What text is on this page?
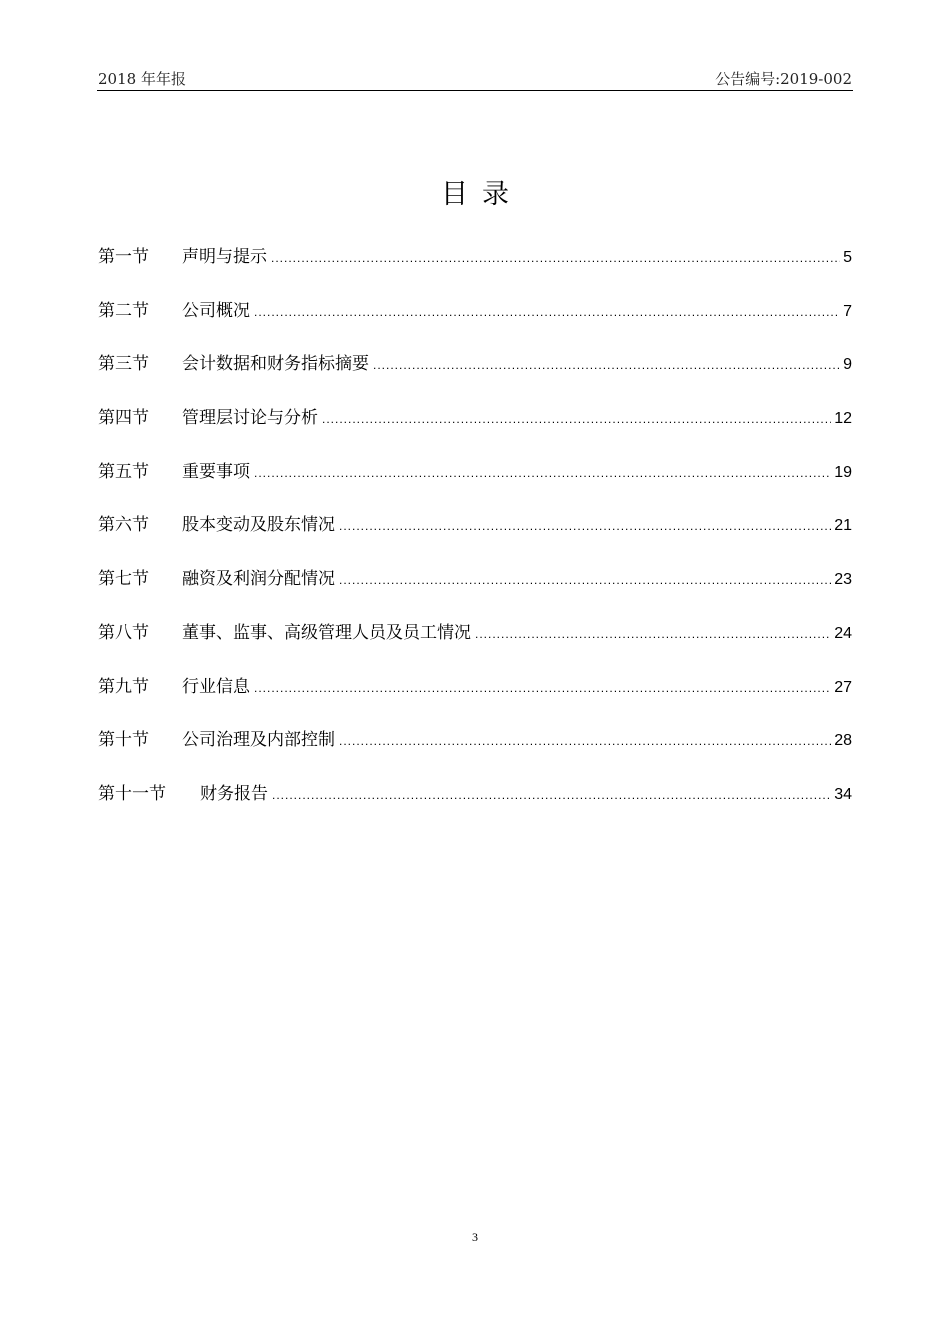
2018 年年报	公告编号:2019-002
目录
第一节	声明与提示 .....	5
第二节	公司概况 .....	7
第三节	会计数据和财务指标摘要 .....	9
第四节	管理层讨论与分析 .....	12
第五节	重要事项 .....	19
第六节	股本变动及股东情况 .....	21
第七节	融资及利润分配情况 .....	23
第八节	董事、监事、高级管理人员及员工情况 .....	24
第九节	行业信息 .....	27
第十节	公司治理及内部控制 .....	28
第十一节	财务报告 .....	34
3
